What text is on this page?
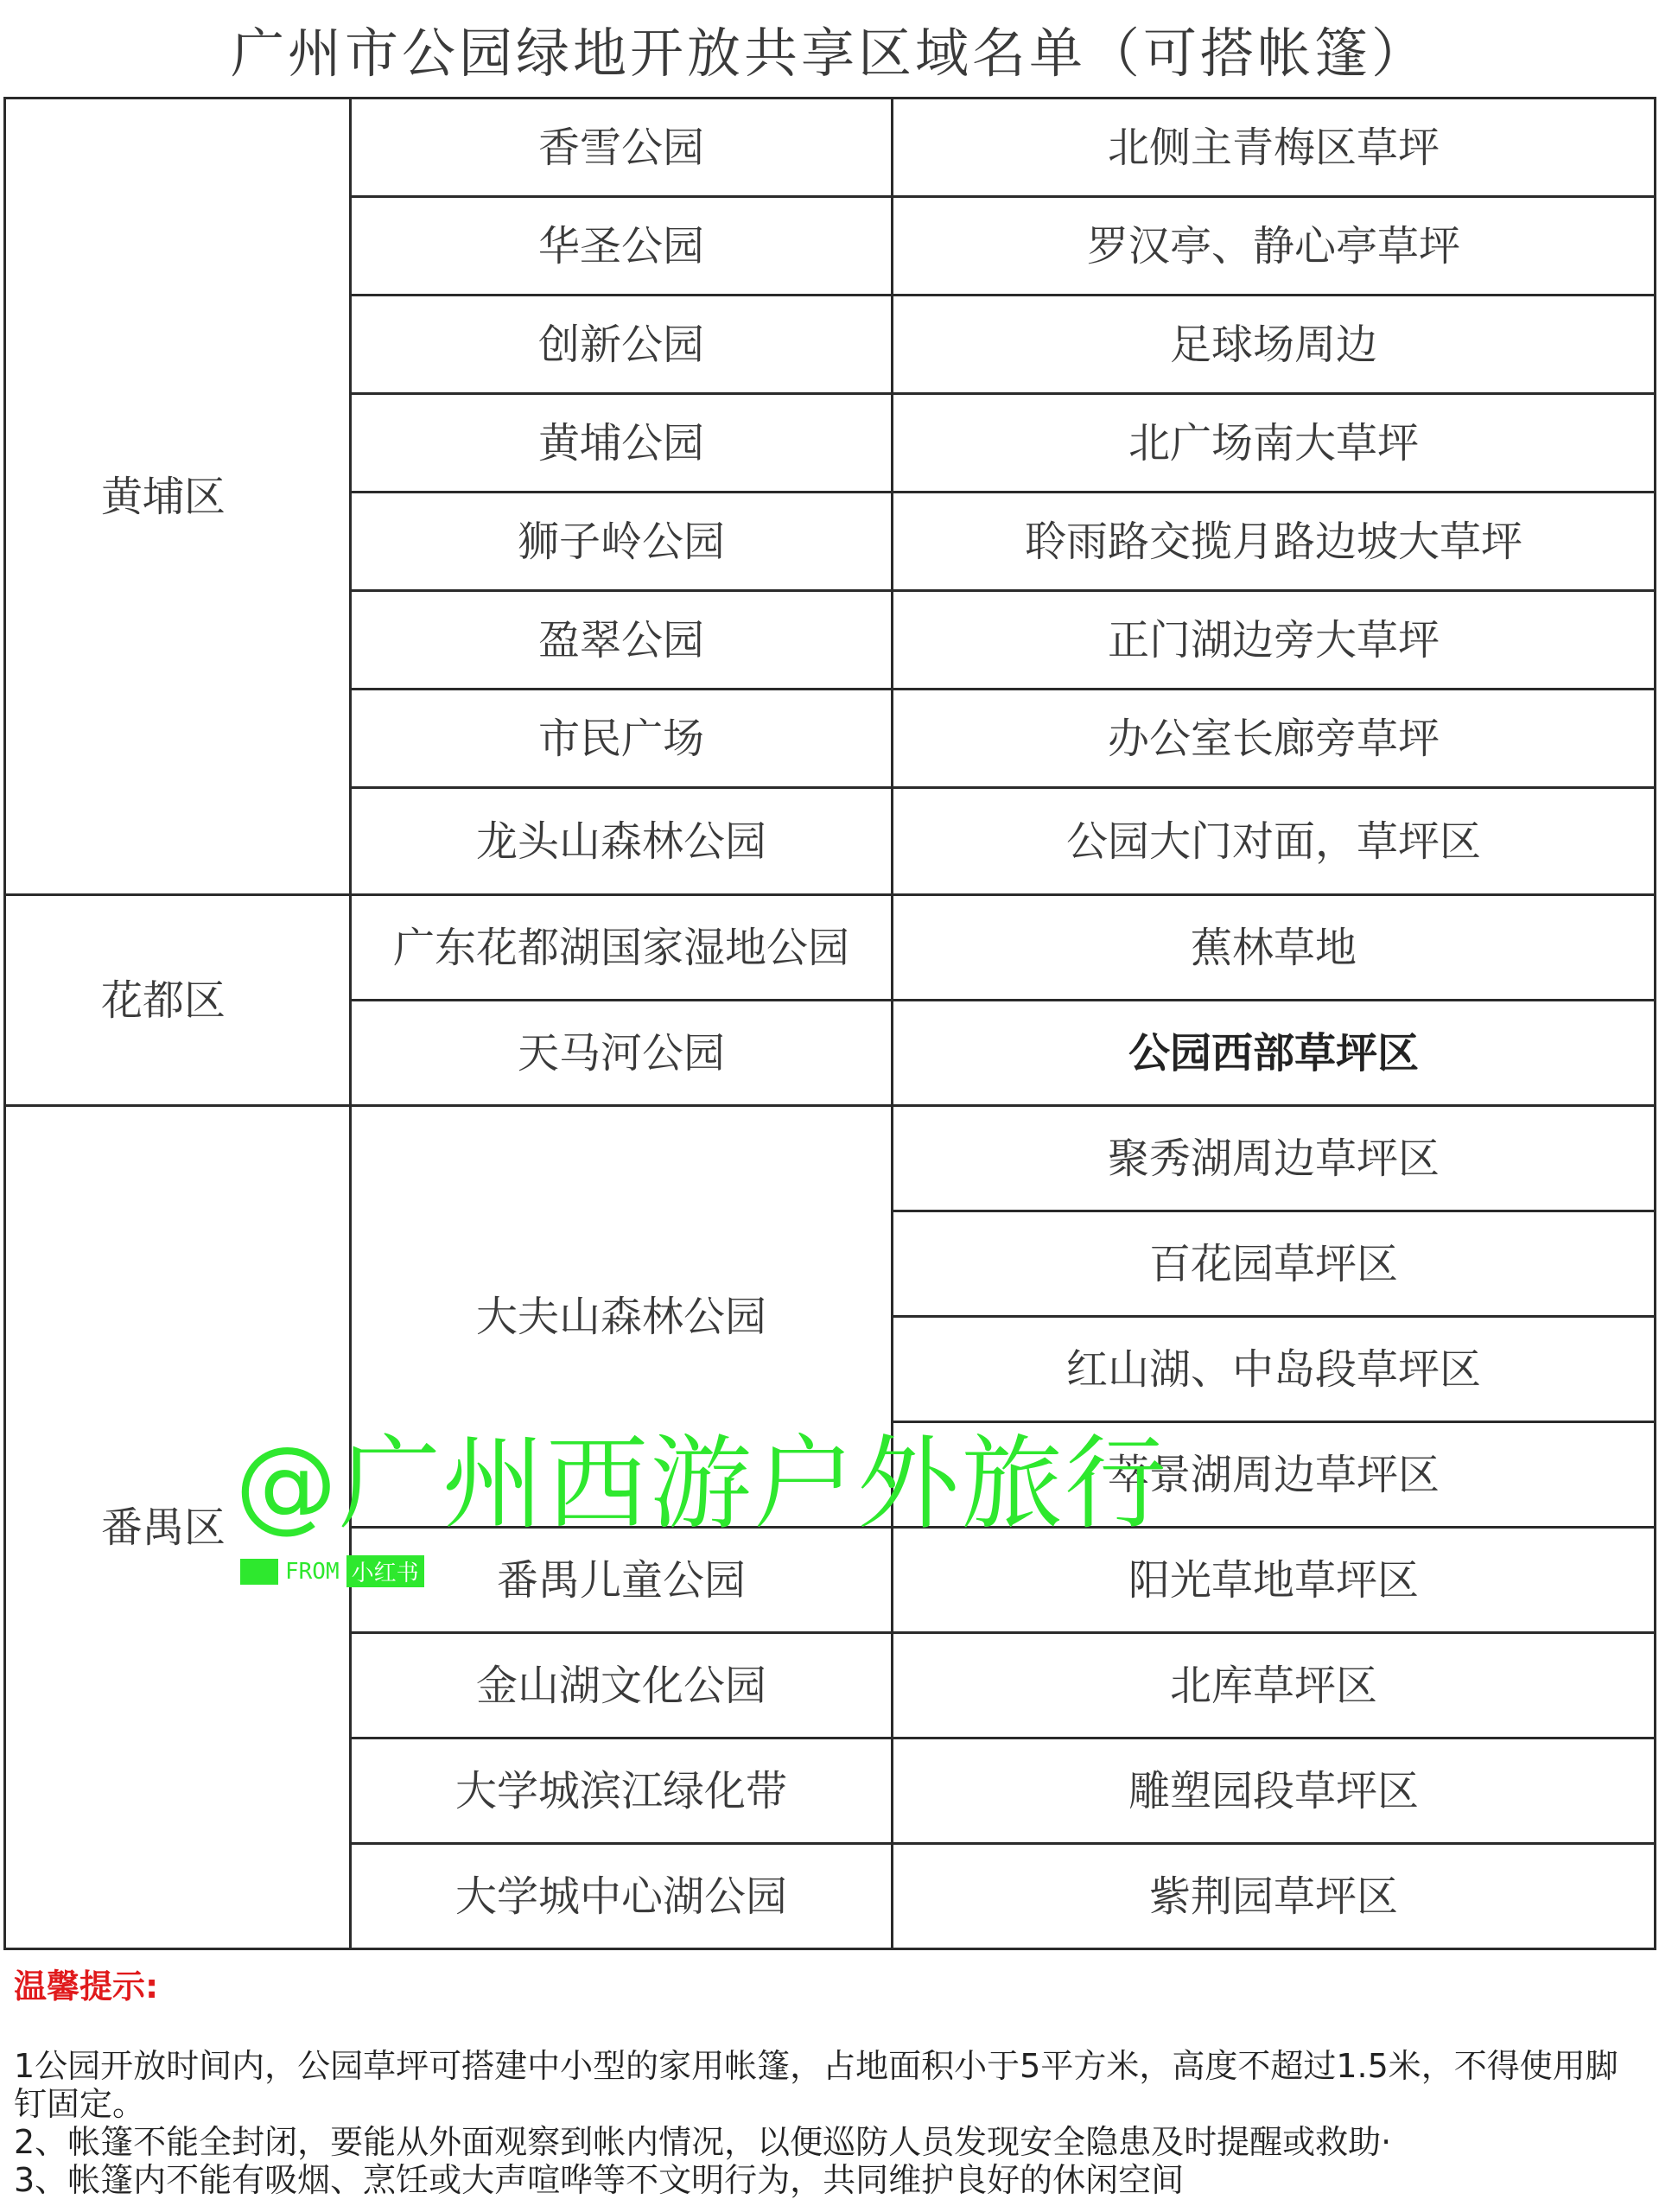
广州市公园绿地开放共享区域名单（可搭帐篷）
黄埔区	香雪公园	北侧主青梅区草坪
	华圣公园	罗汉亭、静心亭草坪
	创新公园	足球场周边
	黄埔公园	北广场南大草坪
	狮子岭公园	聆雨路交揽月路边坡大草坪
	盈翠公园	正门湖边旁大草坪
	市民广场	办公室长廊旁草坪
	龙头山森林公园	公园大门对面，草坪区
花都区	广东花都湖国家湿地公园	蕉林草地
	天马河公园	公园西部草坪区
番禺区	大夫山森林公园	聚秀湖周边草坪区
		百花园草坪区
		红山湖、中岛段草坪区
		萃景湖周边草坪区
	番禺儿童公园	阳光草地草坪区
	金山湖文化公园	北库草坪区
	大学城滨江绿化带	雕塑园段草坪区
	大学城中心湖公园	紫荆园草坪区
@广州西游户外旅行
FROM 小红书
温馨提示:
1公园开放时间内，公园草坪可搭建中小型的家用帐篷，占地面积小于5平方米，高度不超过1.5米，不得使用脚钉固定。
2、帐篷不能全封闭，要能从外面观察到帐内情况，以便巡防人员发现安全隐患及时提醒或救助·
3、帐篷内不能有吸烟、烹饪或大声喧哗等不文明行为，共同维护良好的休闲空间
